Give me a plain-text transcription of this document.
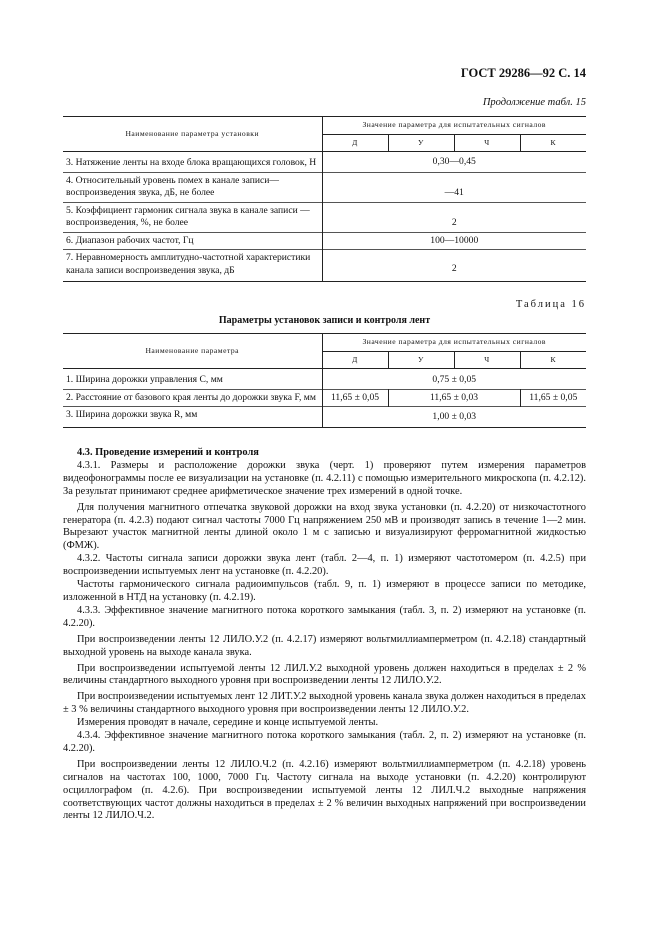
ГОСТ 29286—92 С. 14
Продолжение табл. 15
Наименование параметра установки	Значение параметра для испытательных сигналов			
	Д	У	Ч	К
3. Натяжение ленты на входе блока вращающихся головок, Н	0,30—0,45			
4. Относительный уровень помех в канале записи—воспроизведения звука, дБ, не более	—41			
5. Коэффициент гармоник сигнала звука в канале записи — воспроизведения, %, не более	2			
6. Диапазон рабочих частот, Гц	100—10000			
7. Неравномерность амплитудно-частотной характеристики канала записи воспроизведения звука, дБ	2			
Таблица 16
Параметры установок записи и контроля лент
Наименование параметра	Значение параметра для испытательных сигналов			
	Д	У	Ч	К
1. Ширина дорожки управления C, мм	0,75 ± 0,05			
2. Расстояние от базового края ленты до дорожки звука F, мм	11,65 ± 0,05	11,65 ± 0,03		11,65 ± 0,05
3. Ширина дорожки звука R, мм	1,00 ± 0,03			

4.3. Проведение измерений и контроля

4.3.1. Размеры и расположение дорожки звука (черт. 1) проверяют путем измерения параметров видеофонограммы после ее визуализации на установке (п. 4.2.11) с помощью измерительного микроскопа (п. 4.2.12). За результат принимают среднее арифметическое значение трех измерений в одной точке.

Для получения магнитного отпечатка звуковой дорожки на вход звука установки (п. 4.2.20) от низкочастотного генератора (п. 4.2.3) подают сигнал частоты 7000 Гц напряжением 250 мВ и производят запись в течение 1—2 мин. Вырезают участок магнитной ленты длиной около 1 м с записью и визуализируют ферромагнитной жидкостью (ФМЖ).

4.3.2. Частоты сигнала записи дорожки звука лент (табл. 2—4, п. 1) измеряют частотомером (п. 4.2.5) при воспроизведении испытуемых лент на установке (п. 4.2.20).

Частоты гармонического сигнала радиоимпульсов (табл. 9, п. 1) измеряют в процессе записи по методике, изложенной в НТД на установку (п. 4.2.19).

4.3.3. Эффективное значение магнитного потока короткого замыкания (табл. 3, п. 2) измеряют на установке (п. 4.2.20).

При воспроизведении ленты 12 ЛИЛО.У.2 (п. 4.2.17) измеряют вольтмиллиамперметром (п. 4.2.18) стандартный выходной уровень на выходе канала звука.

При воспроизведении испытуемой ленты 12 ЛИЛ.У.2 выходной уровень должен находиться в пределах ± 2 % величины стандартного выходного уровня при воспроизведении ленты 12 ЛИЛО.У.2.

При воспроизведении испытуемых лент 12 ЛИТ.У.2 выходной уровень канала звука должен находиться в пределах ± 3 % величины стандартного выходного уровня при воспроизведении ленты 12 ЛИЛО.У.2.

Измерения проводят в начале, середине и конце испытуемой ленты.

4.3.4. Эффективное значение магнитного потока короткого замыкания (табл. 2, п. 2) измеряют на установке (п. 4.2.20).

При воспроизведении ленты 12 ЛИЛО.Ч.2 (п. 4.2.16) измеряют вольтмиллиамперметром (п. 4.2.18) уровень сигналов на частотах 100, 1000, 7000 Гц. Частоту сигнала на выходе установки (п. 4.2.20) контролируют осциллографом (п. 4.2.6). При воспроизведении испытуемой ленты 12 ЛИЛ.Ч.2 выходные напряжения соответствующих частот должны находиться в пределах ± 2 % величин выходных напряжений при воспроизведении ленты 12 ЛИЛО.Ч.2.
